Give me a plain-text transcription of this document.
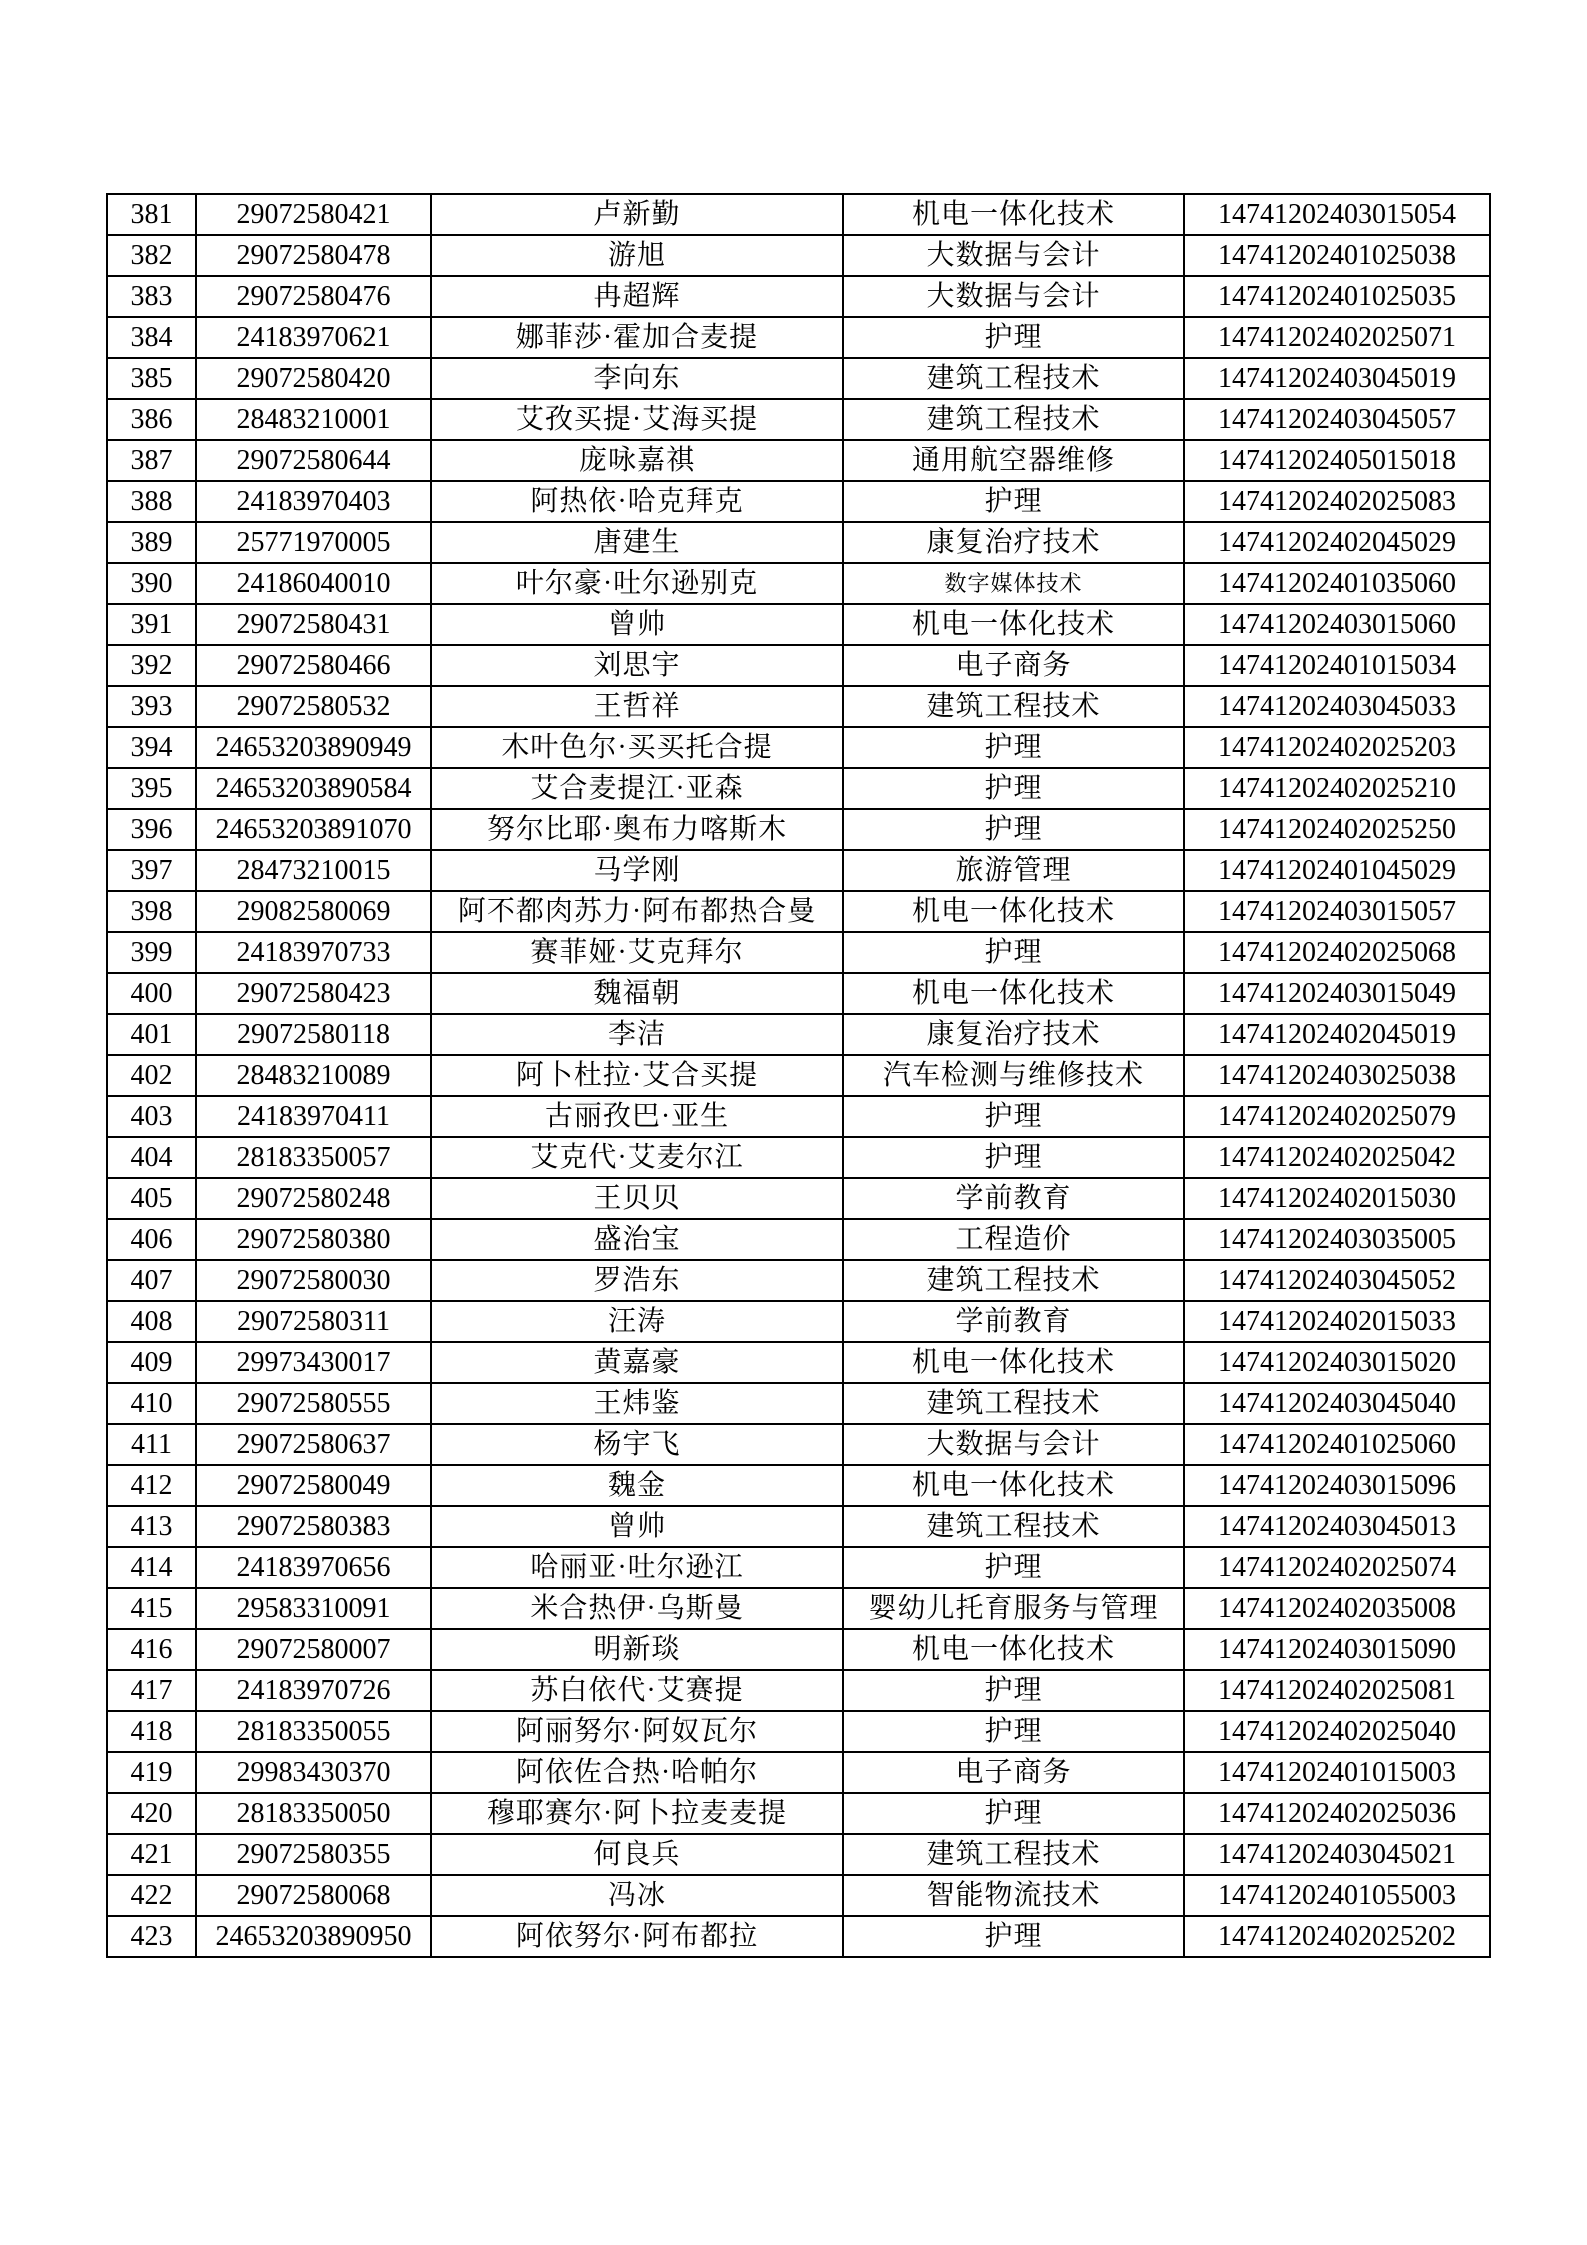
381	29072580421	卢新勤	机电一体化技术	14741202403015054
382	29072580478	游旭	大数据与会计	14741202401025038
383	29072580476	冉超辉	大数据与会计	14741202401025035
384	24183970621	娜菲莎·霍加合麦提	护理	14741202402025071
385	29072580420	李向东	建筑工程技术	14741202403045019
386	28483210001	艾孜买提·艾海买提	建筑工程技术	14741202403045057
387	29072580644	庞咏嘉祺	通用航空器维修	14741202405015018
388	24183970403	阿热依·哈克拜克	护理	14741202402025083
389	25771970005	唐建生	康复治疗技术	14741202402045029
390	24186040010	叶尔豪·吐尔逊别克	数字媒体技术	14741202401035060
391	29072580431	曾帅	机电一体化技术	14741202403015060
392	29072580466	刘思宇	电子商务	14741202401015034
393	29072580532	王哲祥	建筑工程技术	14741202403045033
394	24653203890949	木叶色尔·买买托合提	护理	14741202402025203
395	24653203890584	艾合麦提江·亚森	护理	14741202402025210
396	24653203891070	努尔比耶·奥布力喀斯木	护理	14741202402025250
397	28473210015	马学刚	旅游管理	14741202401045029
398	29082580069	阿不都肉苏力·阿布都热合曼	机电一体化技术	14741202403015057
399	24183970733	赛菲娅·艾克拜尔	护理	14741202402025068
400	29072580423	魏福朝	机电一体化技术	14741202403015049
401	29072580118	李洁	康复治疗技术	14741202402045019
402	28483210089	阿卜杜拉·艾合买提	汽车检测与维修技术	14741202403025038
403	24183970411	古丽孜巴·亚生	护理	14741202402025079
404	28183350057	艾克代·艾麦尔江	护理	14741202402025042
405	29072580248	王贝贝	学前教育	14741202402015030
406	29072580380	盛治宝	工程造价	14741202403035005
407	29072580030	罗浩东	建筑工程技术	14741202403045052
408	29072580311	汪涛	学前教育	14741202402015033
409	29973430017	黄嘉豪	机电一体化技术	14741202403015020
410	29072580555	王炜鉴	建筑工程技术	14741202403045040
411	29072580637	杨宇飞	大数据与会计	14741202401025060
412	29072580049	魏金	机电一体化技术	14741202403015096
413	29072580383	曾帅	建筑工程技术	14741202403045013
414	24183970656	哈丽亚·吐尔逊江	护理	14741202402025074
415	29583310091	米合热伊·乌斯曼	婴幼儿托育服务与管理	14741202402035008
416	29072580007	明新琰	机电一体化技术	14741202403015090
417	24183970726	苏白依代·艾赛提	护理	14741202402025081
418	28183350055	阿丽努尔·阿奴瓦尔	护理	14741202402025040
419	29983430370	阿依佐合热·哈帕尔	电子商务	14741202401015003
420	28183350050	穆耶赛尔·阿卜拉麦麦提	护理	14741202402025036
421	29072580355	何良兵	建筑工程技术	14741202403045021
422	29072580068	冯冰	智能物流技术	14741202401055003
423	24653203890950	阿依努尔·阿布都拉	护理	14741202402025202
